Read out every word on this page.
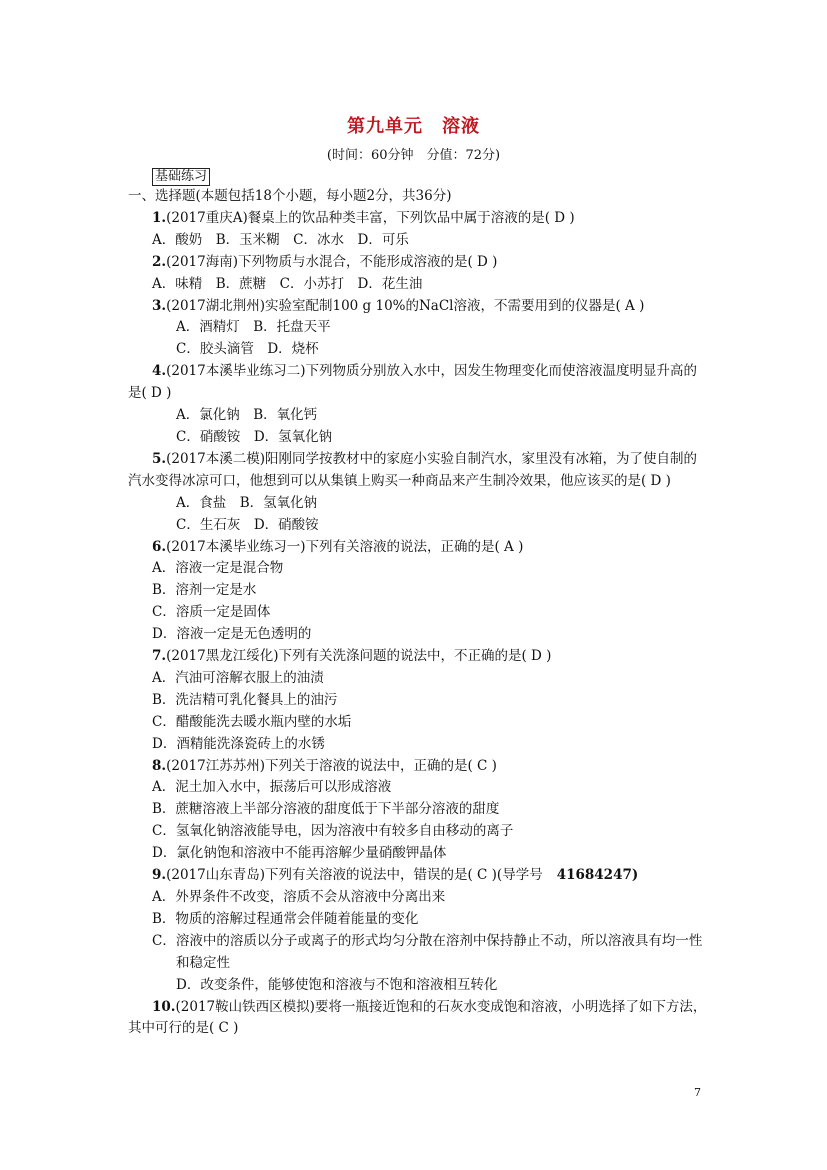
第九单元　溶液
(时间：60分钟　分值：72分)
基础练习
一、选择题(本题包括18个小题，每小题2分，共36分)
1.(2017重庆A)餐桌上的饮品种类丰富，下列饮品中属于溶液的是( D )
A．酸奶　B．玉米糊　C．冰水　D．可乐
2.(2017海南)下列物质与水混合，不能形成溶液的是( D )
A．味精　B．蔗糖　C．小苏打　D．花生油
3.(2017湖北荆州)实验室配制100 g 10%的NaCl溶液，不需要用到的仪器是( A )
A．酒精灯　B．托盘天平
C．胶头滴管　D．烧杯
4.(2017本溪毕业练习二)下列物质分别放入水中，因发生物理变化而使溶液温度明显升高的是( D )
A．氯化钠　B．氧化钙
C．硝酸铵　D．氢氧化钠
5.(2017本溪二模)阳刚同学按教材中的家庭小实验自制汽水，家里没有冰箱，为了使自制的汽水变得冰凉可口，他想到可以从集镇上购买一种商品来产生制冷效果，他应该买的是( D )
A．食盐　B．氢氧化钠
C．生石灰　D．硝酸铵
6.(2017本溪毕业练习一)下列有关溶液的说法，正确的是( A )
A．溶液一定是混合物
B．溶剂一定是水
C．溶质一定是固体
D．溶液一定是无色透明的
7.(2017黑龙江绥化)下列有关洗涤问题的说法中，不正确的是( D )
A．汽油可溶解衣服上的油渍
B．洗洁精可乳化餐具上的油污
C．醋酸能洗去暖水瓶内壁的水垢
D．酒精能洗涤瓷砖上的水锈
8.(2017江苏苏州)下列关于溶液的说法中，正确的是( C )
A．泥土加入水中，振荡后可以形成溶液
B．蔗糖溶液上半部分溶液的甜度低于下半部分溶液的甜度
C．氢氧化钠溶液能导电，因为溶液中有较多自由移动的离子
D．氯化钠饱和溶液中不能再溶解少量硝酸钾晶体
9.(2017山东青岛)下列有关溶液的说法中，错误的是( C )(导学号 41684247)
A．外界条件不改变，溶质不会从溶液中分离出来
B．物质的溶解过程通常会伴随着能量的变化
C．溶液中的溶质以分子或离子的形式均匀分散在溶剂中保持静止不动，所以溶液具有均一性和稳定性
D．改变条件，能够使饱和溶液与不饱和溶液相互转化
10.(2017鞍山铁西区模拟)要将一瓶接近饱和的石灰水变成饱和溶液，小明选择了如下方法，其中可行的是( C )
7
